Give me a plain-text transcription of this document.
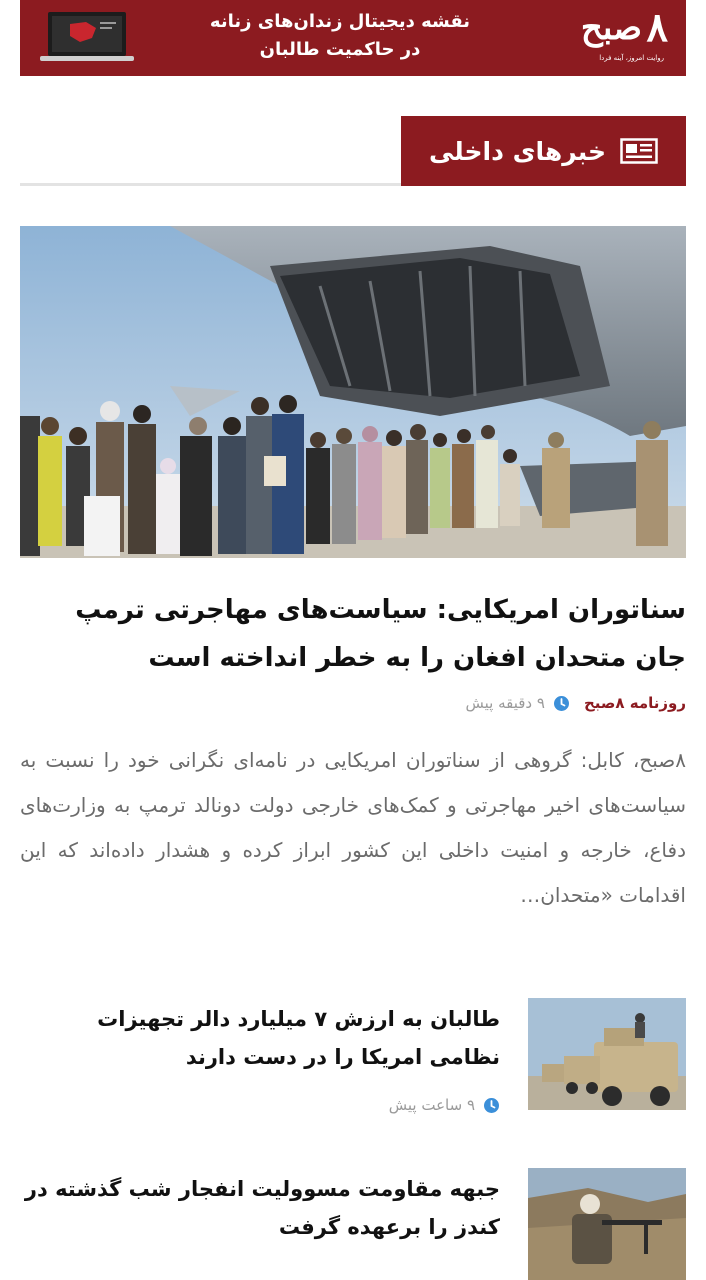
نقشه دیجیتال زندان‌های زنانه
در حاکمیت طالبان	۸
صبح
روایت امروز، آینه فردا
خبرهای داخلی
سناتوران امریکایی: سیاست‌های مهاجرتی ترمپ جان متحدان افغان را به خطر انداخته است
روزنامه ۸صبح
۹ دقیقه پیش
۸صبح، کابل: گروهی از سناتوران امریکایی در نامه‌ای نگرانی خود را نسبت به سیاست‌های اخیر مهاجرتی و کمک‌های خارجی دولت دونالد ترمپ به وزارت‌های دفاع، خارجه و امنیت داخلی این کشور ابراز کرده و هشدار داده‌اند که این اقدامات «متحدان…
طالبان به ارزش ۷ میلیارد دالر تجهیزات نظامی امریکا را در دست دارند
۹ ساعت پیش
جبهه مقاومت مسوولیت انفجار شب گذشته در کندز را برعهده گرفت
